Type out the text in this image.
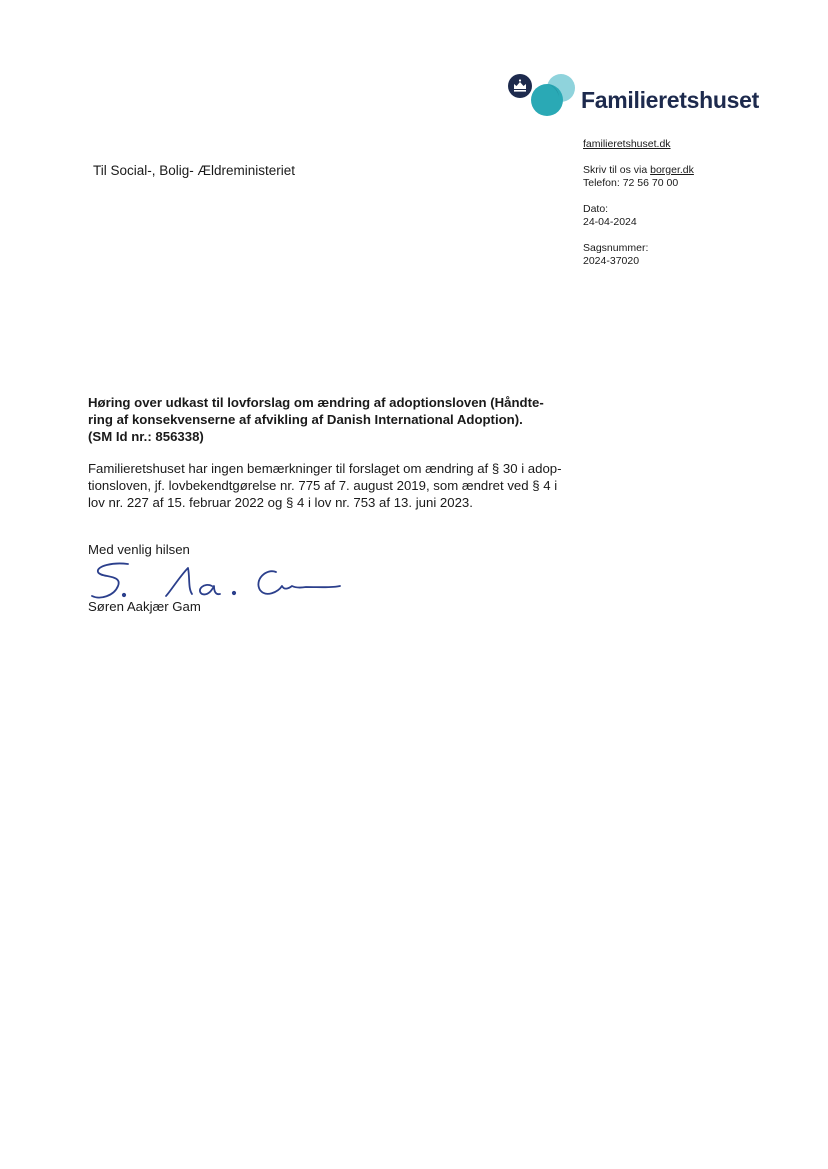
Familieretshuset
familieretshuset.dk
Skriv til os via borger.dk
Telefon: 72 56 70 00
Dato:
24-04-2024
Sagsnummer:
2024-37020
Til Social-, Bolig- Ældreministeriet
Høring over udkast til lovforslag om ændring af adoptionsloven (Håndte-
ring af konsekvenserne af afvikling af Danish International Adoption).
(SM Id nr.: 856338)
Familieretshuset har ingen bemærkninger til forslaget om ændring af § 30 i adop-
tionsloven, jf. lovbekendtgørelse nr. 775 af 7. august 2019, som ændret ved § 4 i
lov nr. 227 af 15. februar 2022 og § 4 i lov nr. 753 af 13. juni 2023.
Med venlig hilsen
Søren Aakjær Gam
